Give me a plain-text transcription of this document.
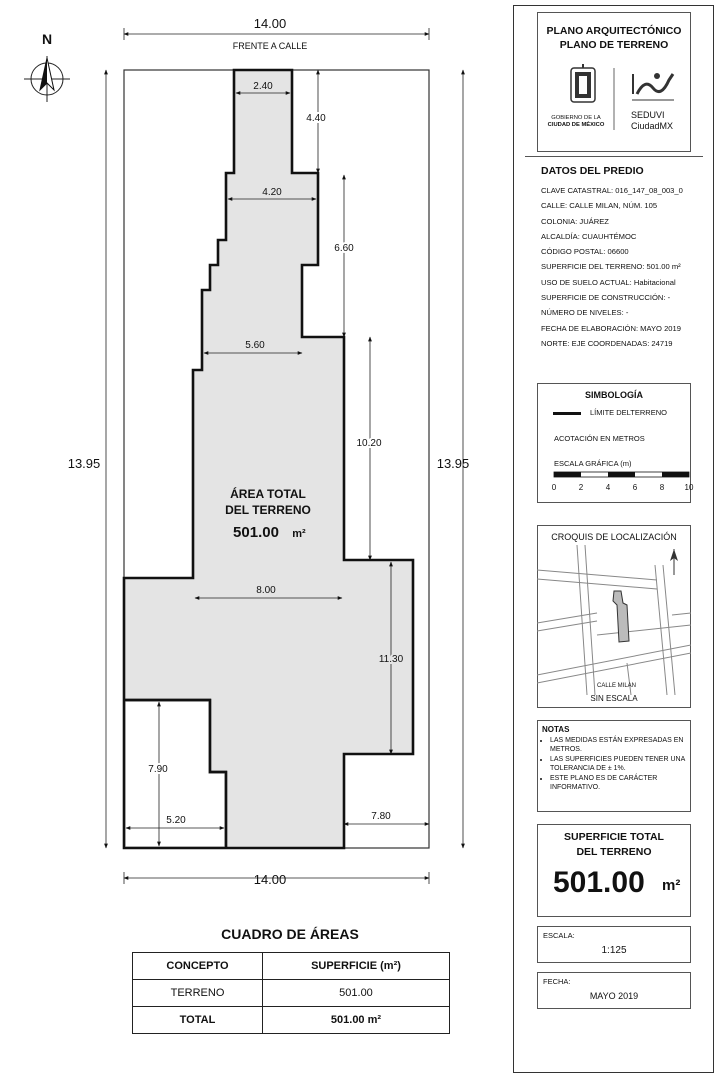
N
14.00
FRENTE A CALLE
13.95	13.95
14.00
2.40
4.40
4.20
6.60
5.60
10.20
8.00
11.30
7.90
5.20	7.80
ÁREA TOTAL
DEL TERRENO
501.00 m²
CUADRO DE ÁREAS
CONCEPTO	SUPERFICIE (m²)
TERRENO	501.00
TOTAL	501.00 m²
PLANO ARQUITECTÓNICO
PLANO DE TERRENO
GOBIERNO DE LA
CIUDAD DE MÉXICO
SEDUVI
CiudadMX
DATOS DEL PREDIO
CLAVE CATASTRAL: 016_147_08_003_0
CALLE: CALLE MILAN, NÚM. 105
COLONIA: JUÁREZ
ALCALDÍA: CUAUHTÉMOC
CÓDIGO POSTAL: 06600
SUPERFICIE DEL TERRENO: 501.00 m²
USO DE SUELO ACTUAL: Habitacional
SUPERFICIE DE CONSTRUCCIÓN: -
NÚMERO DE NIVELES: -
FECHA DE ELABORACIÓN: MAYO 2019
NORTE: EJE COORDENADAS: 24719
SIMBOLOGÍA
LÍMITE DELTERRENO
ACOTACIÓN EN METROS
ESCALA GRÁFICA (m)
0	2	4	6	8	10
CROQUIS DE LOCALIZACIÓN
CALLE MILAN
SIN ESCALA
NOTAS
• LAS MEDIDAS ESTÁN EXPRESADAS EN METROS.
• LAS SUPERFICIES PUEDEN TENER UNA TOLERANCIA DE ± 1%.
• ESTE PLANO ES DE CARÁCTER INFORMATIVO.
SUPERFICIE TOTAL
DEL TERRENO
501.00 m²
ESCALA:
1:125
FECHA:
MAYO 2019
